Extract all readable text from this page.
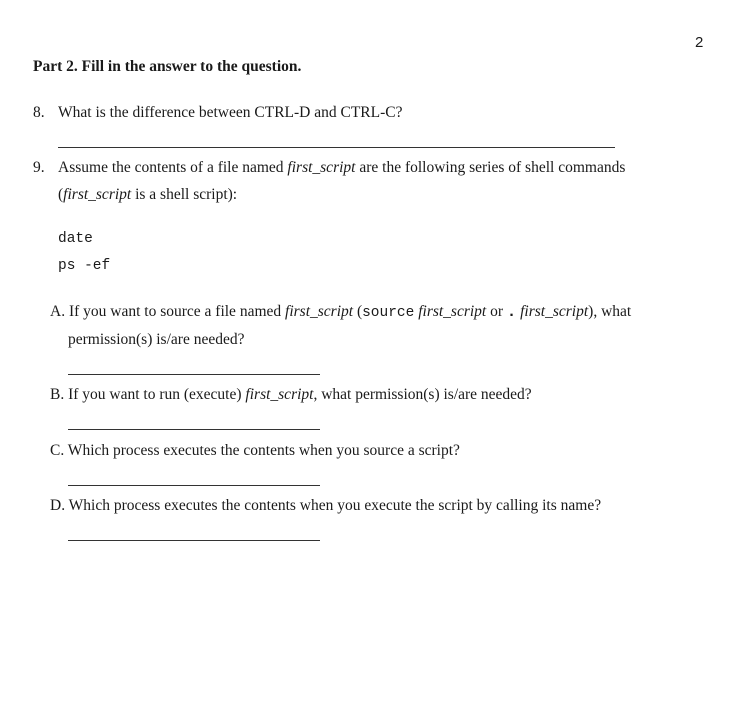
2
Part 2. Fill in the answer to the question.
8. What is the difference between CTRL-D and CTRL-C?
9. Assume the contents of a file named first_script are the following series of shell commands
(first_script is a shell script):
date
ps -ef
A. If you want to source a file named first_script (source first_script or . first_script), what
permission(s) is/are needed?
B. If you want to run (execute) first_script, what permission(s) is/are needed?
C. Which process executes the contents when you source a script?
D. Which process executes the contents when you execute the script by calling its name?
